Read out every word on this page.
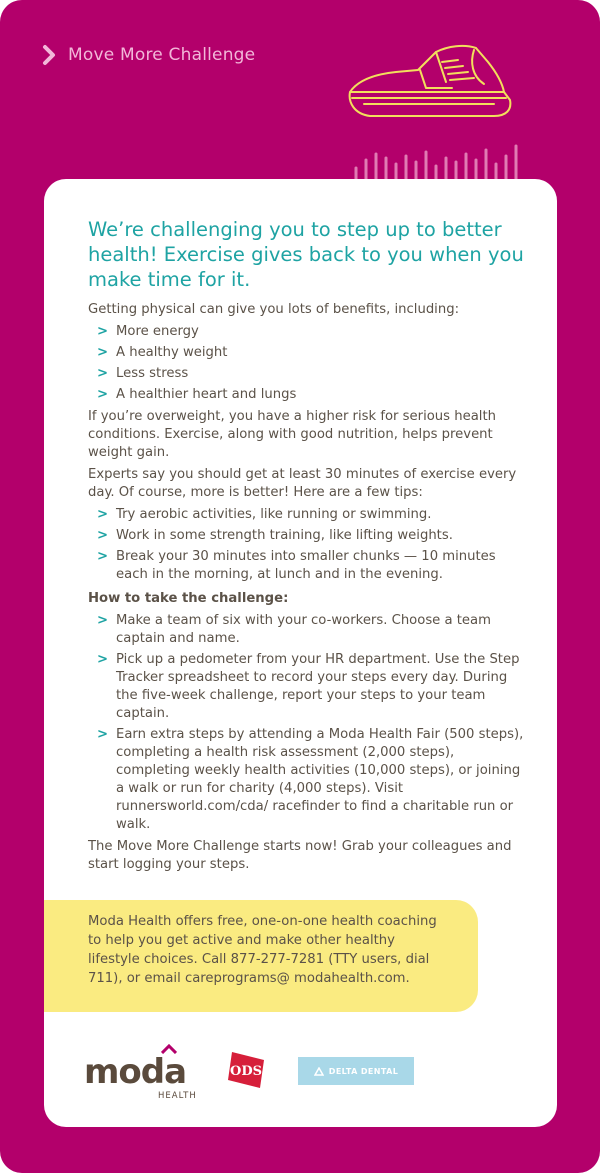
Move More Challenge
We’re challenging you to step up to better health! Exercise gives back to you when you make time for it.

Getting physical can give you lots of benefits, including:

> More energy
> A healthy weight
> Less stress
> A healthier heart and lungs

If you’re overweight, you have a higher risk for serious health conditions. Exercise, along with good nutrition, helps prevent weight gain.

Experts say you should get at least 30 minutes of exercise every day. Of course, more is better! Here are a few tips:

> Try aerobic activities, like running or swimming.
> Work in some strength training, like lifting weights.
> Break your 30 minutes into smaller chunks — 10 minutes each in the morning, at lunch and in the evening.
How to take the challenge:
> Make a team of six with your co-workers. Choose a team captain and name.
> Pick up a pedometer from your HR department. Use the Step Tracker spreadsheet to record your steps every day. During the five-week challenge, report your steps to your team captain.
> Earn extra steps by attending a Moda Health Fair (500 steps), completing a health risk assessment (2,000 steps), completing weekly health activities (10,000 steps), or joining a walk or run for charity (4,000 steps). Visit runnersworld.com/cda/ racefinder to find a charitable run or walk.

The Move More Challenge starts now! Grab your colleagues and start logging your steps.

Moda Health offers free, one-on-one health coaching to help you get active and make other healthy lifestyle choices. Call 877-277-7281 (TTY users, dial 711), or email careprograms@ modahealth.com.

moda
HEALTH
ODS	DELTA DENTAL
